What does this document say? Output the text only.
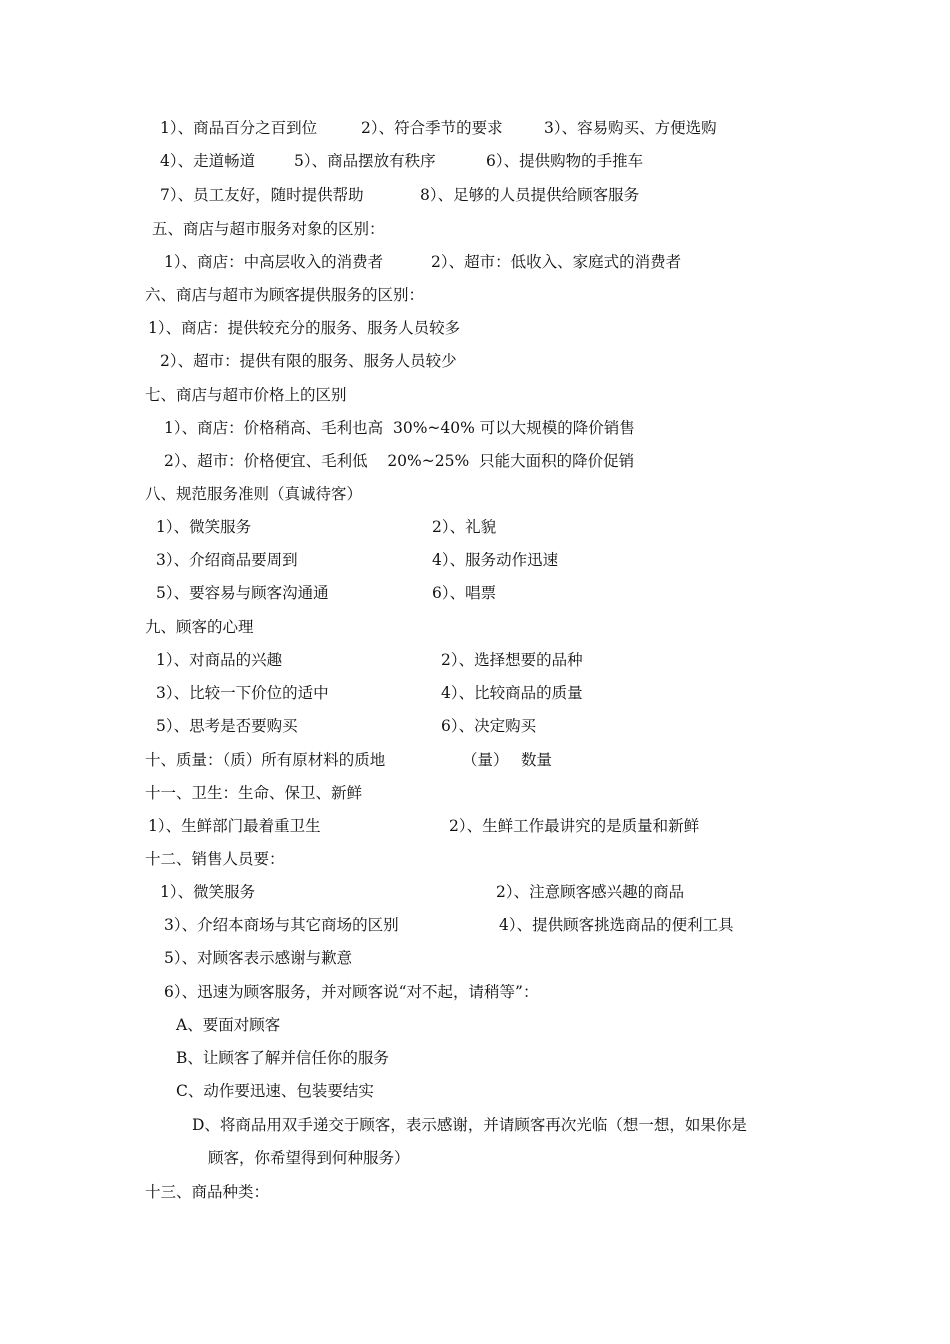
1）、商品百分之百到位	2）、符合季节的要求	3）、容易购买、方便选购
4）、走道畅道	5）、商品摆放有秩序	6）、提供购物的手推车
7）、员工友好，随时提供帮助	8）、足够的人员提供给顾客服务
五、商店与超市服务对象的区别：
1）、商店：中高层收入的消费者	2）、超市：低收入、家庭式的消费者
六、商店与超市为顾客提供服务的区别：
1）、商店：提供较充分的服务、服务人员较多
2）、超市：提供有限的服务、服务人员较少
七、商店与超市价格上的区别
1）、商店：价格稍高、毛利也高  30%~40% 可以大规模的降价销售
2）、超市：价格便宜、毛利低    20%~25%  只能大面积的降价促销
八、规范服务准则（真诚待客）
1）、微笑服务	2）、礼貌
3）、介绍商品要周到	4）、服务动作迅速
5）、要容易与顾客沟通通	6）、唱票
九、顾客的心理
1）、对商品的兴趣	2）、选择想要的品种
3）、比较一下价位的适中	4）、比较商品的质量
5）、思考是否要购买	6）、决定购买
十、质量：（质）所有原材料的质地	（量） 数量
十一、卫生：生命、保卫、新鲜
1）、生鲜部门最着重卫生	2）、生鲜工作最讲究的是质量和新鲜
十二、销售人员要：
1）、微笑服务	2）、注意顾客感兴趣的商品
3）、介绍本商场与其它商场的区别	4）、提供顾客挑选商品的便利工具
5）、对顾客表示感谢与歉意
6）、迅速为顾客服务，并对顾客说“对不起，请稍等”：
A、要面对顾客
B、让顾客了解并信任你的服务
C、动作要迅速、包装要结实
D、将商品用双手递交于顾客，表示感谢，并请顾客再次光临（想一想，如果你是
顾客，你希望得到何种服务）
十三、商品种类：
